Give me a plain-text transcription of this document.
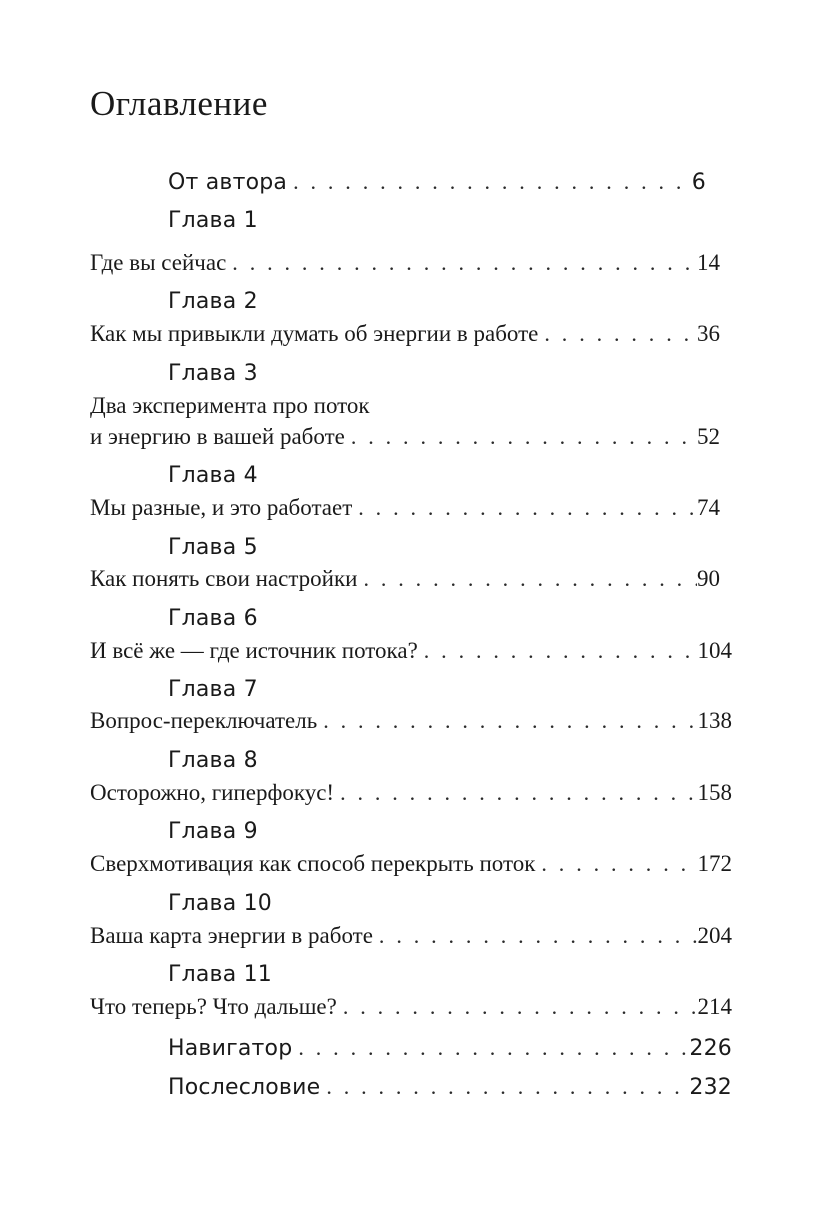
Оглавление
От автора . . .	6
Глава 1
Где вы сейчас . . .	14
Глава 2
Как мы привыкли думать об энергии в работе . . .	36
Глава 3
Два эксперимента про поток
и энергию в вашей работе . . .	52
Глава 4
Мы разные, и это работает . . .	74
Глава 5
Как понять свои настройки . . .	90
Глава 6
И всё же — где источник потока? . . .	104
Глава 7
Вопрос-переключатель . . .	138
Глава 8
Осторожно, гиперфокус! . . .	158
Глава 9
Сверхмотивация как способ перекрыть поток . . .	172
Глава 10
Ваша карта энергии в работе . . .	204
Глава 11
Что теперь? Что дальше? . . .	214
Навигатор . . .	226
Послесловие . . .	232
